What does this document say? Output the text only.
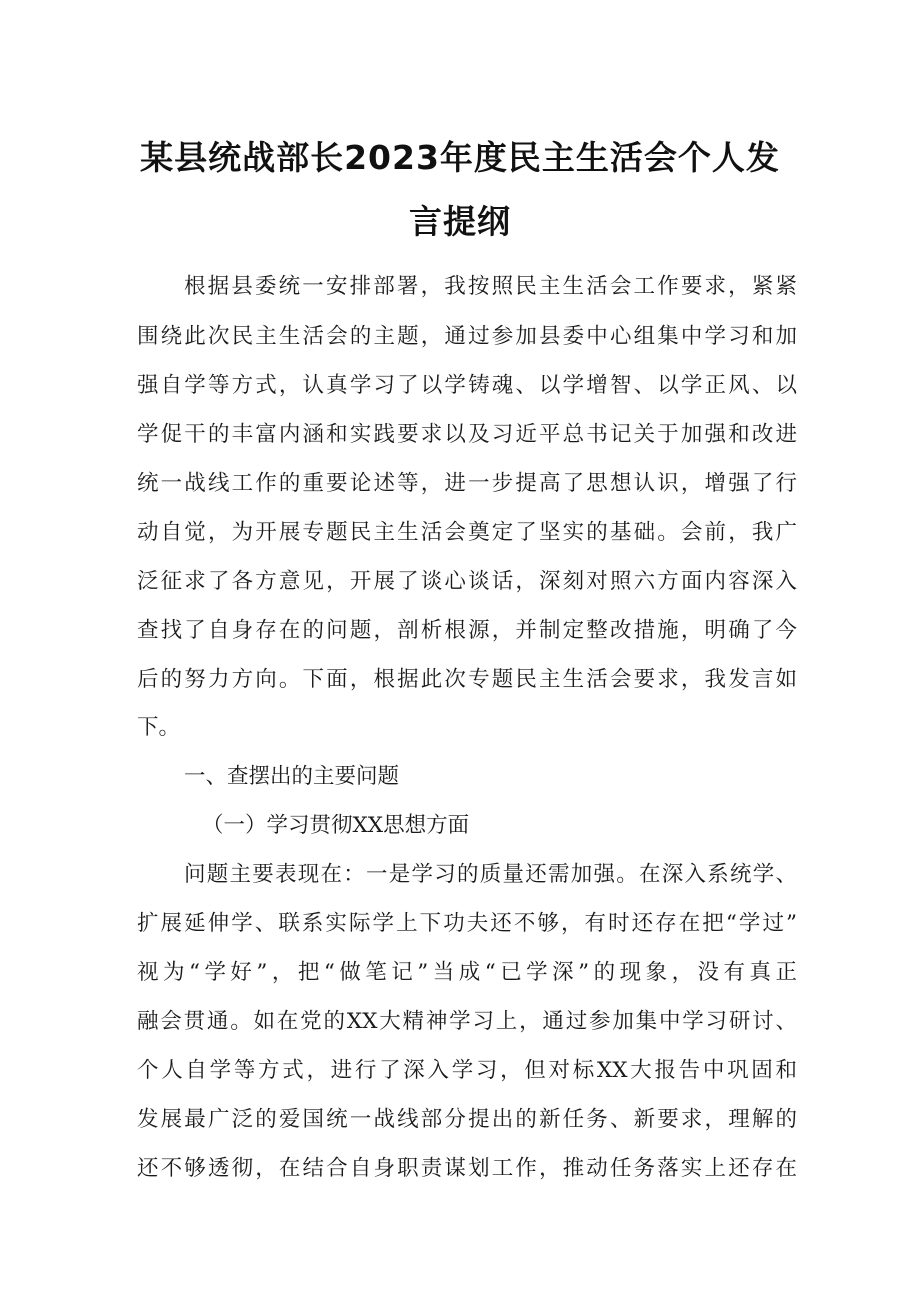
某县统战部长2023年度民主生活会个人发
言提纲
根据县委统一安排部署，我按照民主生活会工作要求，紧紧
围绕此次民主生活会的主题，通过参加县委中心组集中学习和加
强自学等方式，认真学习了以学铸魂、以学增智、以学正风、以
学促干的丰富内涵和实践要求以及习近平总书记关于加强和改进
统一战线工作的重要论述等，进一步提高了思想认识，增强了行
动自觉，为开展专题民主生活会奠定了坚实的基础。会前，我广
泛征求了各方意见，开展了谈心谈话，深刻对照六方面内容深入
查找了自身存在的问题，剖析根源，并制定整改措施，明确了今
后的努力方向。下面，根据此次专题民主生活会要求，我发言如
下。
一、查摆出的主要问题
（一）学习贯彻XX思想方面
问题主要表现在：一是学习的质量还需加强。在深入系统学、
扩展延伸学、联系实际学上下功夫还不够，有时还存在把“学过”
视为“学好”，把“做笔记”当成“已学深”的现象，没有真正
融会贯通。如在党的XX大精神学习上，通过参加集中学习研讨、
个人自学等方式，进行了深入学习，但对标XX大报告中巩固和
发展最广泛的爱国统一战线部分提出的新任务、新要求，理解的
还不够透彻，在结合自身职责谋划工作，推动任务落实上还存在
